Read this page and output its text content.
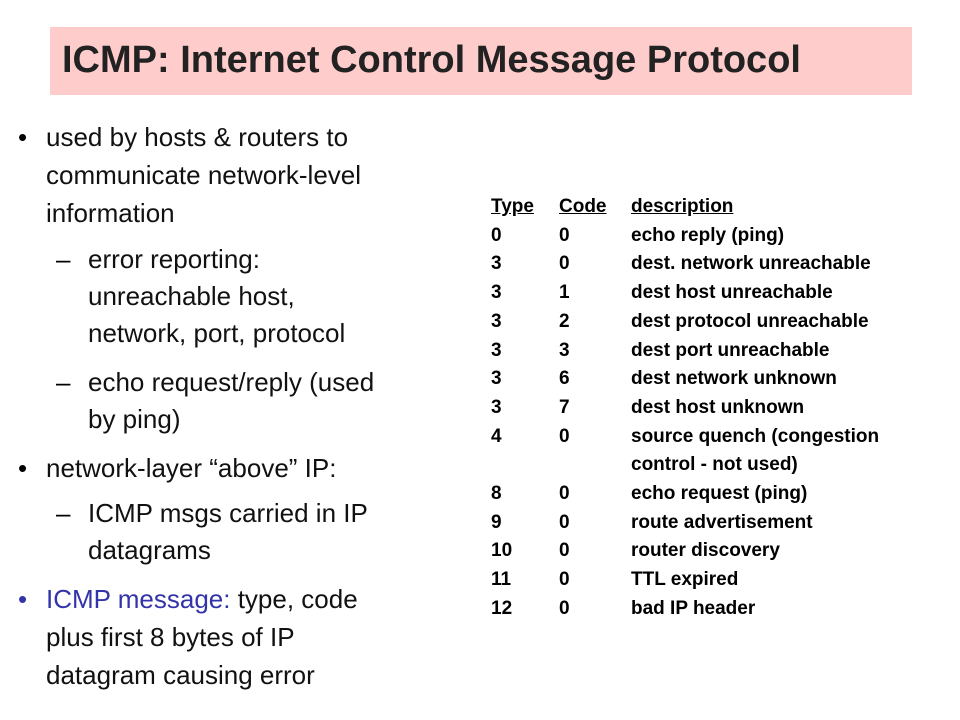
ICMP: Internet Control Message Protocol
• used by hosts & routers to
communicate network-level
information
– error reporting:
unreachable host,
network, port, protocol
– echo request/reply (used
by ping)
• network-layer “above” IP:
– ICMP msgs carried in IP
datagrams
• ICMP message: type, code
plus first 8 bytes of IP
datagram causing error
Type	Code	description
0	0	echo reply (ping)
3	0	dest. network unreachable
3	1	dest host unreachable
3	2	dest protocol unreachable
3	3	dest port unreachable
3	6	dest network unknown
3	7	dest host unknown
4	0	source quench (congestion
		control - not used)
8	0	echo request (ping)
9	0	route advertisement
10	0	router discovery
11	0	TTL expired
12	0	bad IP header
